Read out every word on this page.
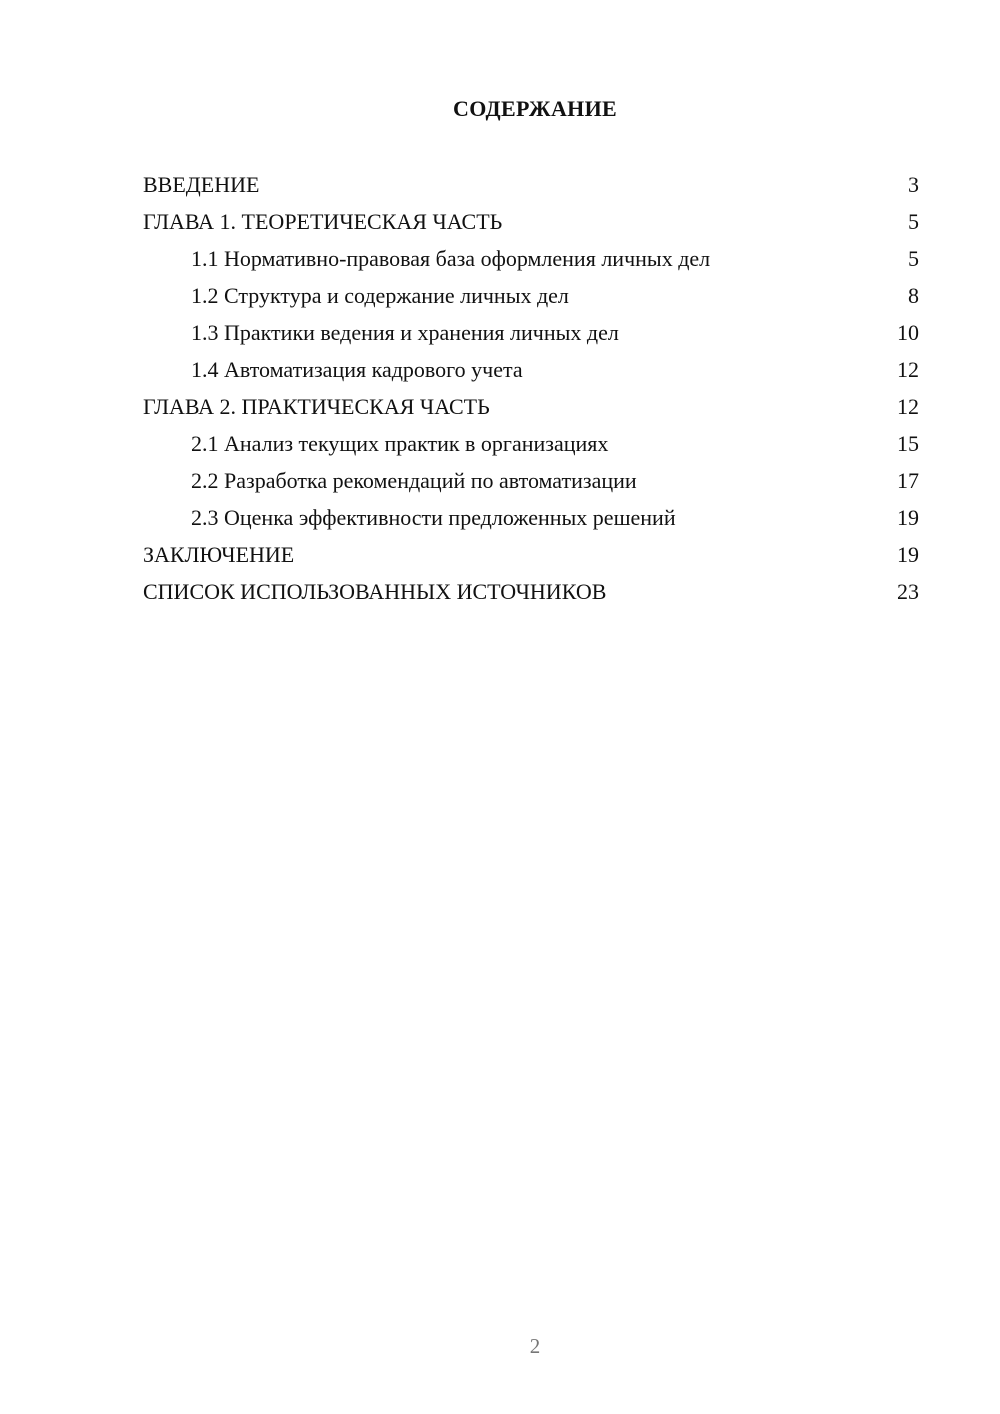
СОДЕРЖАНИЕ
ВВЕДЕНИЕ	3
ГЛАВА 1. ТЕОРЕТИЧЕСКАЯ ЧАСТЬ	5
1.1 Нормативно-правовая база оформления личных дел	5
1.2 Структура и содержание личных дел	8
1.3 Практики ведения и хранения личных дел	10
1.4 Автоматизация кадрового учета	12
ГЛАВА 2. ПРАКТИЧЕСКАЯ ЧАСТЬ	12
2.1 Анализ текущих практик в организациях	15
2.2 Разработка рекомендаций по автоматизации	17
2.3 Оценка эффективности предложенных решений	19
ЗАКЛЮЧЕНИЕ	19
СПИСОК ИСПОЛЬЗОВАННЫХ ИСТОЧНИКОВ	23
2
